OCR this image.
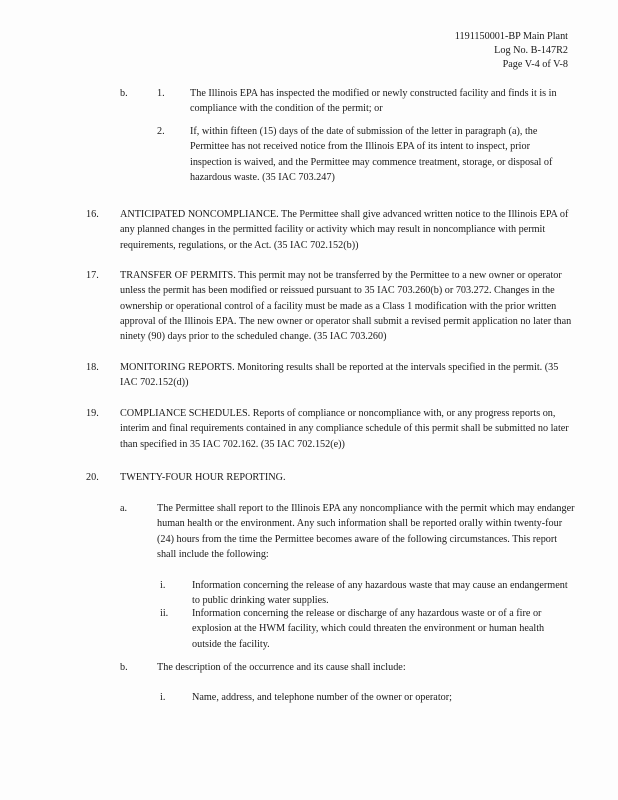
1191150001-BP Main Plant
Log No. B-147R2
Page V-4 of V-8
b.	1. The Illinois EPA has inspected the modified or newly constructed facility and finds it is in compliance with the condition of the permit; or
2. If, within fifteen (15) days of the date of submission of the letter in paragraph (a), the Permittee has not received notice from the Illinois EPA of its intent to inspect, prior inspection is waived, and the Permittee may commence treatment, storage, or disposal of hazardous waste. (35 IAC 703.247)
16. ANTICIPATED NONCOMPLIANCE. The Permittee shall give advanced written notice to the Illinois EPA of any planned changes in the permitted facility or activity which may result in noncompliance with permit requirements, regulations, or the Act. (35 IAC 702.152(b))
17. TRANSFER OF PERMITS. This permit may not be transferred by the Permittee to a new owner or operator unless the permit has been modified or reissued pursuant to 35 IAC 703.260(b) or 703.272. Changes in the ownership or operational control of a facility must be made as a Class 1 modification with the prior written approval of the Illinois EPA. The new owner or operator shall submit a revised permit application no later than ninety (90) days prior to the scheduled change. (35 IAC 703.260)
18. MONITORING REPORTS. Monitoring results shall be reported at the intervals specified in the permit. (35 IAC 702.152(d))
19. COMPLIANCE SCHEDULES. Reports of compliance or noncompliance with, or any progress reports on, interim and final requirements contained in any compliance schedule of this permit shall be submitted no later than specified in 35 IAC 702.162. (35 IAC 702.152(e))
20. TWENTY-FOUR HOUR REPORTING.
a.	The Permittee shall report to the Illinois EPA any noncompliance with the permit which may endanger human health or the environment. Any such information shall be reported orally within twenty-four (24) hours from the time the Permittee becomes aware of the following circumstances. This report shall include the following:
i.	Information concerning the release of any hazardous waste that may cause an endangerment to public drinking water supplies.
ii. Information concerning the release or discharge of any hazardous waste or of a fire or explosion at the HWM facility, which could threaten the environment or human health outside the facility.
b.	The description of the occurrence and its cause shall include:
i.	Name, address, and telephone number of the owner or operator;
